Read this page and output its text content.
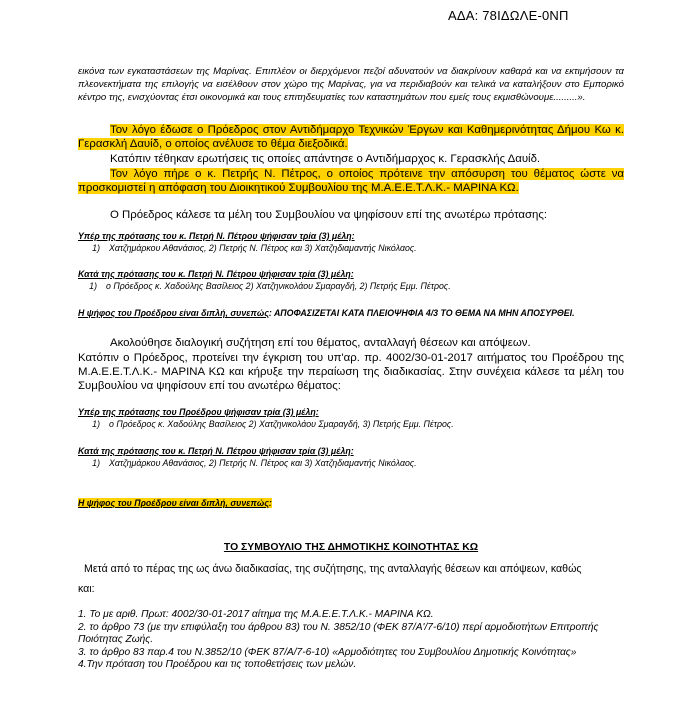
ΑΔΑ: 78ΙΔΩΛΕ-0ΝΠ
εικόνα των εγκαταστάσεων της Μαρίνας. Επιπλέον οι διερχόμενοι πεζοί αδυνατούν να διακρίνουν καθαρά και να εκτιμήσουν τα πλεονεκτήματα της επιλογής να εισέλθουν στον χώρο της Μαρίνας, για να περιδιαβούν και τελικά να καταλήξουν στο Εμπορικό κέντρο της, ενισχύοντας έτσι οικονομικά και τους επιτηδευματίες των καταστημάτων που εμείς τους εκμισθώνουμε.........».
Τον λόγο έδωσε ο Πρόεδρος στον Αντιδήμαρχο Τεχνικών Έργων και Καθημερινότητας Δήμου Κω κ. Γερασκλή Δαυίδ, ο οποίος ανέλυσε το θέμα διεξοδικά.
Κατόπιν τέθηκαν ερωτήσεις τις οποίες απάντησε ο Αντιδήμαρχος κ. Γερασκλής Δαυίδ.
Τον λόγο πήρε ο κ. Πετρής Ν. Πέτρος, ο οποίος πρότεινε την απόσυρση του θέματος ώστε να προσκομιστεί η απόφαση του Διοικητικού Συμβουλίου της Μ.Α.Ε.Ε.Τ.Λ.Κ.- ΜΑΡΙΝΑ ΚΩ.
Ο Πρόεδρος κάλεσε τα μέλη του Συμβουλίου να ψηφίσουν επί της ανωτέρω πρότασης:
Υπέρ της πρότασης του κ. Πετρή Ν. Πέτρου ψήφισαν τρία (3) μέλη:
1) Χατζημάρκου Αθανάσιος, 2) Πετρής Ν. Πέτρος και 3) Χατζηδιαμαντής Νικόλαος.
Κατά της πρότασης του κ. Πετρή Ν. Πέτρου ψήφισαν τρία (3) μέλη:
1) ο Πρόεδρος κ. Χαδούλης Βασίλειος 2) Χατζηνικολάου Σμαραγδή, 2) Πετρής Εμμ. Πέτρος.
Η ψήφος του Προέδρου είναι διπλή, συνεπώς: ΑΠΟΦΑΣΙΖΕΤΑΙ ΚΑΤΑ ΠΛΕΙΟΨΗΦΙΑ 4/3 ΤΟ ΘΕΜΑ ΝΑ ΜΗΝ ΑΠΟΣΥΡΘΕΙ.
Ακολούθησε διαλογική συζήτηση επί του θέματος, ανταλλαγή θέσεων και απόψεων.
Κατόπιν ο Πρόεδρος, προτείνει την έγκριση του υπ'αρ. πρ. 4002/30-01-2017 αιτήματος του Προέδρου της Μ.Α.Ε.Ε.Τ.Λ.Κ.- ΜΑΡΙΝΑ ΚΩ και κήρυξε την περαίωση της διαδικασίας. Στην συνέχεια κάλεσε τα μέλη του Συμβουλίου να ψηφίσουν επί του ανωτέρω θέματος:
Υπέρ της πρότασης του Προέδρου ψήφισαν τρία (3) μέλη:
1) ο Πρόεδρος κ. Χαδούλης Βασίλειος 2) Χατζηνικολάου Σμαραγδή, 3) Πετρής Εμμ. Πέτρος.
Κατά της πρότασης του κ. Πετρή Ν. Πέτρου ψήφισαν τρία (3) μέλη:
1) Χατζημάρκου Αθανάσιος, 2) Πετρής Ν. Πέτρος και 3) Χατζηδιαμαντής Νικόλαος.
Η ψήφος του Προέδρου είναι διπλή, συνεπώς:
ΤΟ ΣΥΜΒΟΥΛΙΟ ΤΗΣ ΔΗΜΟΤΙΚΗΣ ΚΟΙΝΟΤΗΤΑΣ ΚΩ
Μετά από το πέρας της ως άνω διαδικασίας, της συζήτησης, της ανταλλαγής θέσεων και απόψεων, καθώς
και:
1. Το με αριθ. Πρωτ: 4002/30-01-2017 αίτημα της Μ.Α.Ε.Ε.Τ.Λ.Κ.- ΜΑΡΙΝΑ ΚΩ.
2. το άρθρο 73 (με την επιφύλαξη του άρθρου 83) του Ν. 3852/10 (ΦΕΚ 87/Α'/7-6/10) περί αρμοδιοτήτων Επιτροπής Ποιότητας Ζωής.
3. το άρθρο 83 παρ.4 του Ν.3852/10 (ΦΕΚ 87/Α/7-6-10) «Αρμοδιότητες του Συμβουλίου Δημοτικής Κοινότητας»
4.Την πρόταση του Προέδρου και τις τοποθετήσεις των μελών.
